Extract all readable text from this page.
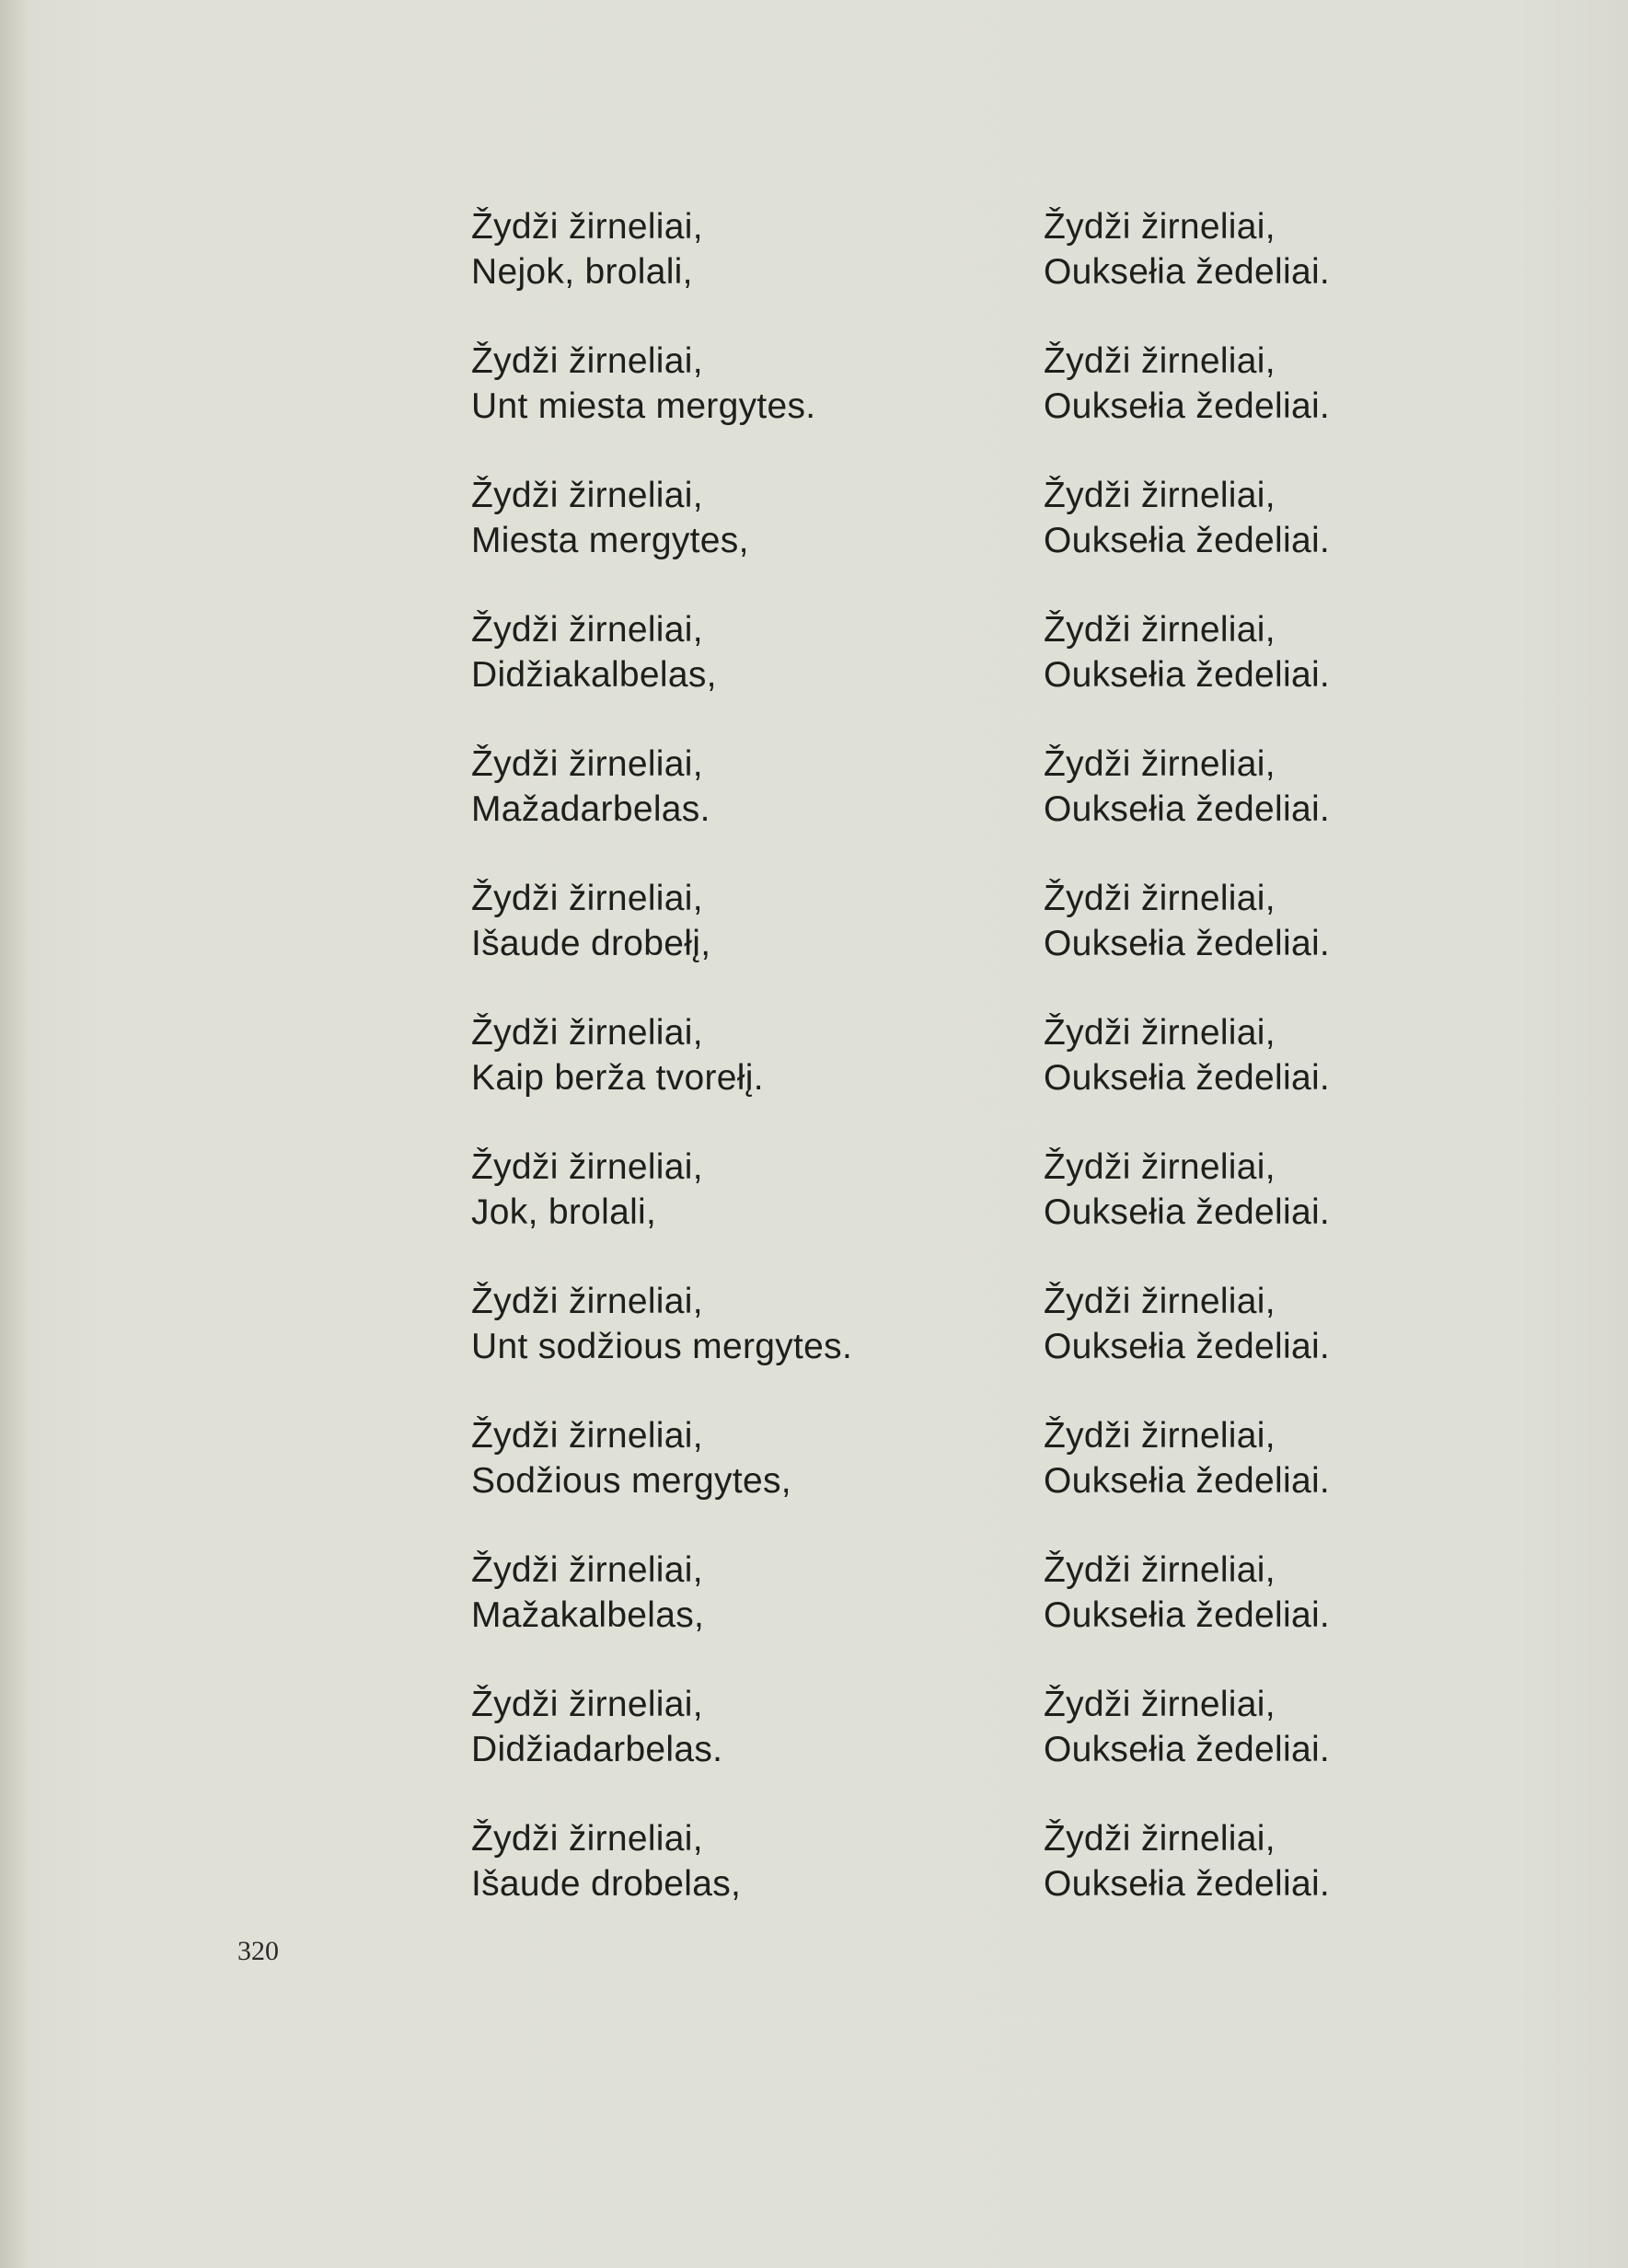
Žydži žirneliai,
Nejok, brolali,

Žydži žirneliai,
Unt miesta mergytes.

Žydži žirneliai,
Miesta mergytes,

Žydži žirneliai,
Didžiakalbelas,

Žydži žirneliai,
Mažadarbelas.

Žydži žirneliai,
Išaude drobełį,

Žydži žirneliai,
Kaip berža tvorełį.

Žydži žirneliai,
Jok, brolali,

Žydži žirneliai,
Unt sodžious mergytes.

Žydži žirneliai,
Sodžious mergytes,

Žydži žirneliai,
Mažakalbelas,

Žydži žirneliai,
Didžiadarbelas.

Žydži žirneliai,
Išaude drobelas,

Žydži žirneliai,
Ouksełia žedeliai.

Žydži žirneliai,
Ouksełia žedeliai.

Žydži žirneliai,
Ouksełia žedeliai.

Žydži žirneliai,
Ouksełia žedeliai.

Žydži žirneliai,
Ouksełia žedeliai.

Žydži žirneliai,
Ouksełia žedeliai.

Žydži žirneliai,
Ouksełia žedeliai.

Žydži žirneliai,
Ouksełia žedeliai.

Žydži žirneliai,
Ouksełia žedeliai.

Žydži žirneliai,
Ouksełia žedeliai.

Žydži žirneliai,
Ouksełia žedeliai.

Žydži žirneliai,
Ouksełia žedeliai.

Žydži žirneliai,
Ouksełia žedeliai.

320
